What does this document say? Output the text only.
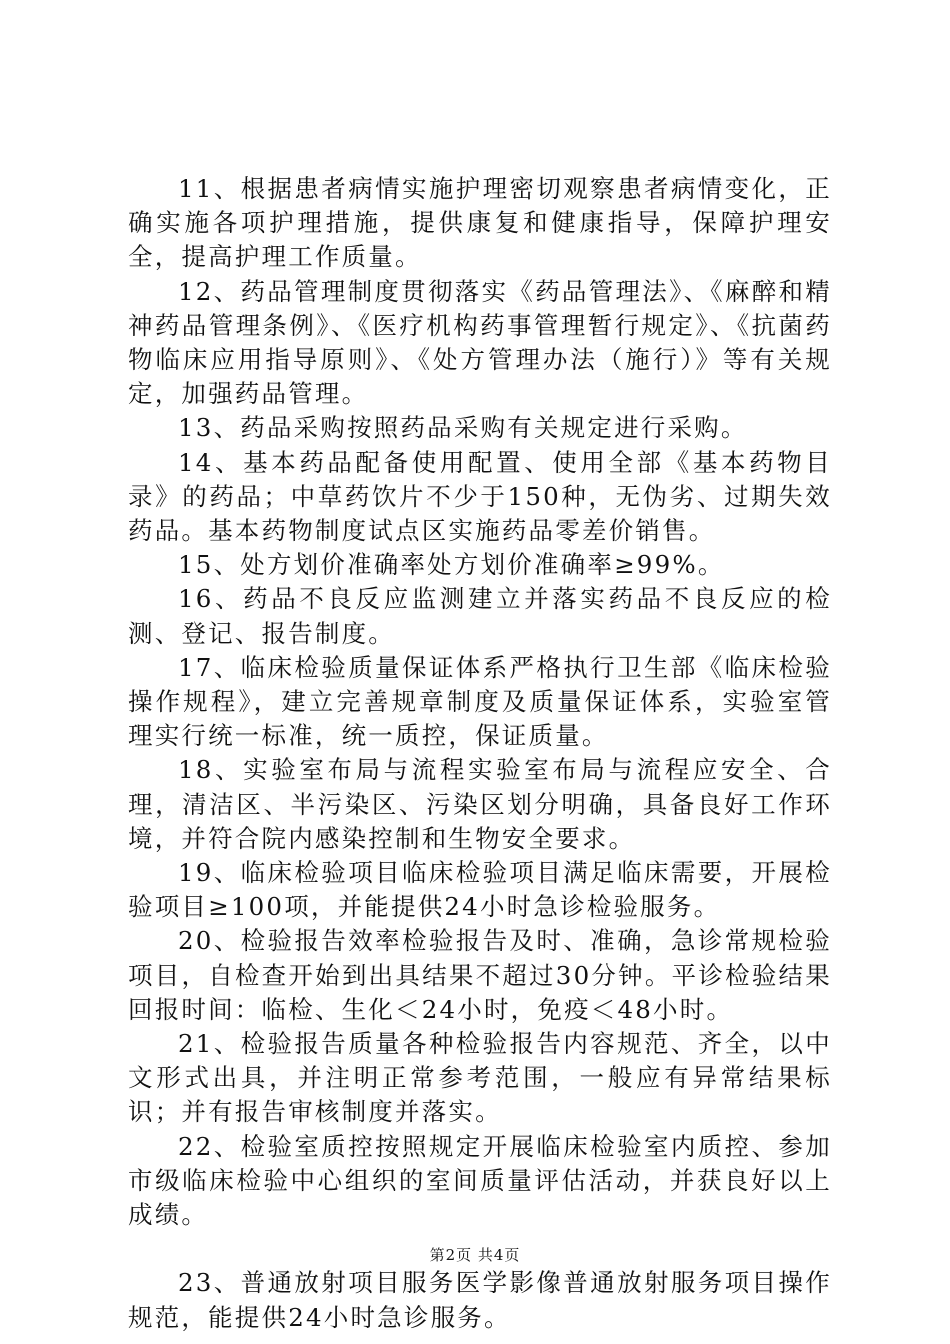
11、根据患者病情实施护理密切观察患者病情变化，正确实施各项护理措施，提供康复和健康指导，保障护理安全，提高护理工作质量。

12、药品管理制度贯彻落实《药品管理法》、《麻醉和精神药品管理条例》、《医疗机构药事管理暂行规定》、《抗菌药物临床应用指导原则》、《处方管理办法（施行）》等有关规定，加强药品管理。

13、药品采购按照药品采购有关规定进行采购。

14、基本药品配备使用配置、使用全部《基本药物目录》的药品；中草药饮片不少于150种，无伪劣、过期失效药品。基本药物制度试点区实施药品零差价销售。

15、处方划价准确率处方划价准确率≥99%。

16、药品不良反应监测建立并落实药品不良反应的检测、登记、报告制度。

17、临床检验质量保证体系严格执行卫生部《临床检验操作规程》，建立完善规章制度及质量保证体系，实验室管理实行统一标准，统一质控，保证质量。

18、实验室布局与流程实验室布局与流程应安全、合理，清洁区、半污染区、污染区划分明确，具备良好工作环境，并符合院内感染控制和生物安全要求。

19、临床检验项目临床检验项目满足临床需要，开展检验项目≥100项，并能提供24小时急诊检验服务。

20、检验报告效率检验报告及时、准确，急诊常规检验项目，自检查开始到出具结果不超过30分钟。平诊检验结果回报时间：临检、生化＜24小时，免疫＜48小时。

21、检验报告质量各种检验报告内容规范、齐全，以中文形式出具，并注明正常参考范围，一般应有异常结果标识；并有报告审核制度并落实。

22、检验室质控按照规定开展临床检验室内质控、参加市级临床检验中心组织的室间质量评估活动，并获良好以上成绩。

23、普通放射项目服务医学影像普通放射服务项目操作规范，能提供24小时急诊服务。

第2页 共4页
